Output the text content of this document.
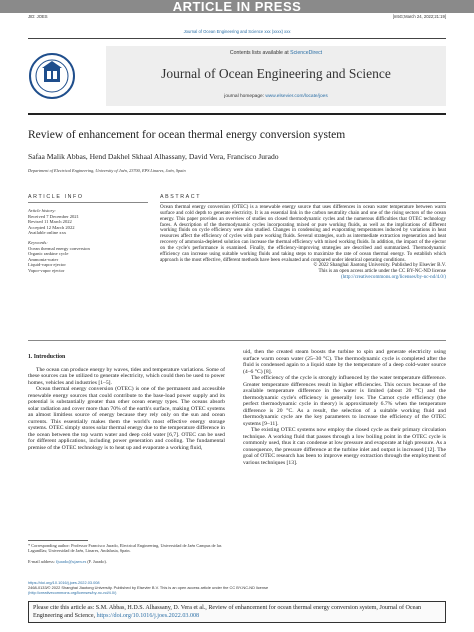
ARTICLE IN PRESS
JID: JOES	[m5G;March 24, 2022;21:19]
Journal of Ocean Engineering and Science xxx (xxxx) xxx
Contents lists available at ScienceDirect
Journal of Ocean Engineering and Science
journal homepage: www.elsevier.com/locate/joes
Review of enhancement for ocean thermal energy conversion system
Safaa Malik Abbas, Hend Dakhel Skhaal Alhassany, David Vera, Francisco Jurado
Department of Electrical Engineering, University of Jaén, 23700, EPS Linares, Jaén, Spain
ARTICLE INFO	ABSTRACT
Article history:
Received 7 December 2021
Revised 11 March 2022
Accepted 12 March 2022
Available online xxx
Keywords:
Ocean thermal energy conversion
Organic rankine cycle
Ammonia-water
Liquid-vapor ejector
Vapor-vapor ejector
Ocean thermal energy conversion (OTEC) is a renewable energy source that uses differences in ocean water temperature between warm surface and cold depth to generate electricity. It is an essential link in the carbon neutrality chain and one of the rising sectors of the ocean energy. This paper provides an overview of studies on closed thermodynamic cycles and the numerous difficulties that OTEC technology faces. A description of the thermodynamic cycles incorporating mixed or pure working fluids, as well as the implications of different working fluids on cycle efficiency were also studied. Changes in condensing and evaporating temperatures induced by variations in heat resources affect the efficiency of cycles with pure working fluids. Several strategies, such as intermediate extraction regeneration and heat recovery of ammonia-depleted solution can increase the thermal efficiency with mixed working fluids. In addition, the impact of the ejector on the cycle's performance is examined. Finally, the efficiency-improving strategies are described and summarized. Thermodynamic efficiency can increase using suitable working fluids and taking steps to maximize the rate of ocean thermal energy. To establish which approach is the most effective, different methods have been evaluated and compared under identical operating conditions.
© 2022 Shanghai Jiaotong University. Published by Elsevier B.V.
This is an open access article under the CC BY-NC-ND license
(http://creativecommons.org/licenses/by-nc-nd/4.0/)
1. Introduction

The ocean can produce energy by waves, tides and temperature variations. Some of these sources can be utilized to generate electricity, which could then be used to power homes, vehicles and industries [1–5].

Ocean thermal energy conversion (OTEC) is one of the permanent and accessible renewable energy sources that could contribute to the base-load power supply and its potential is substantially greater than other ocean energy types. The oceans absorb solar radiation and cover more than 70% of the earth's surface, making OTEC systems an almost limitless source of energy because they rely only on the sun and ocean currents. This essentially makes them the world's most effective energy storage systems. OTEC simply stores solar thermal energy due to the temperature difference in the ocean between the top warm water and deep cold water [6,7]. OTEC can be used for different applications, including power generation and cooling. The fundamental premise of the OTEC technology is to heat up and evaporate a working fluid,

uid, then the created steam boosts the turbine to spin and generate electricity using surface warm ocean water (25–30 °C). The thermodynamic cycle is completed after the fluid is condensed again to a liquid state by the temperature of a deep cold-water source (4–6 °C) [8].

The efficiency of the cycle is strongly influenced by the water temperature difference. Greater temperature differences result in higher efficiencies. This occurs because of the available temperature difference in the water is limited (about 20 °C) and the thermodynamic cycle's efficiency is generally low. The Carnot cycle efficiency (the perfect thermodynamic cycle in theory) is approximately 6.7% when the temperature difference is 20 °C. As a result, the selection of a suitable working fluid and thermodynamic cycle are the key parameters to increase the efficiency of the OTEC systems [9–11].

The existing OTEC systems now employ the closed cycle as their primary circulation technique. A working fluid that passes through a low boiling point in the OTEC cycle is commonly used, thus it can condense at low pressure and evaporate at high pressure. As a consequence, the pressure difference at the turbine inlet and output is increased [12]. The goal of OTEC research has been to improve energy extraction through the employment of various techniques [13].

* Corresponding author: Professor Francisco Jurado, Electrical Engineering, Universidad de Jaén Campus de las Lagunillas; Universidad de Jaén, Linares, Andalusia, Spain.
E-mail address: fjurado@ujaen.es (F. Jurado).
https://doi.org/10.1016/j.joes.2022.03.008
2468-0133/© 2022 Shanghai Jiaotong University. Published by Elsevier B.V. This is an open access article under the CC BY-NC-ND license
(http://creativecommons.org/licenses/by-nc-nd/4.0/)
Please cite this article as: S.M. Abbas, H.D.S. Alhassany, D. Vera et al., Review of enhancement for ocean thermal energy conversion system, Journal of Ocean Engineering and Science, https://doi.org/10.1016/j.joes.2022.03.008
